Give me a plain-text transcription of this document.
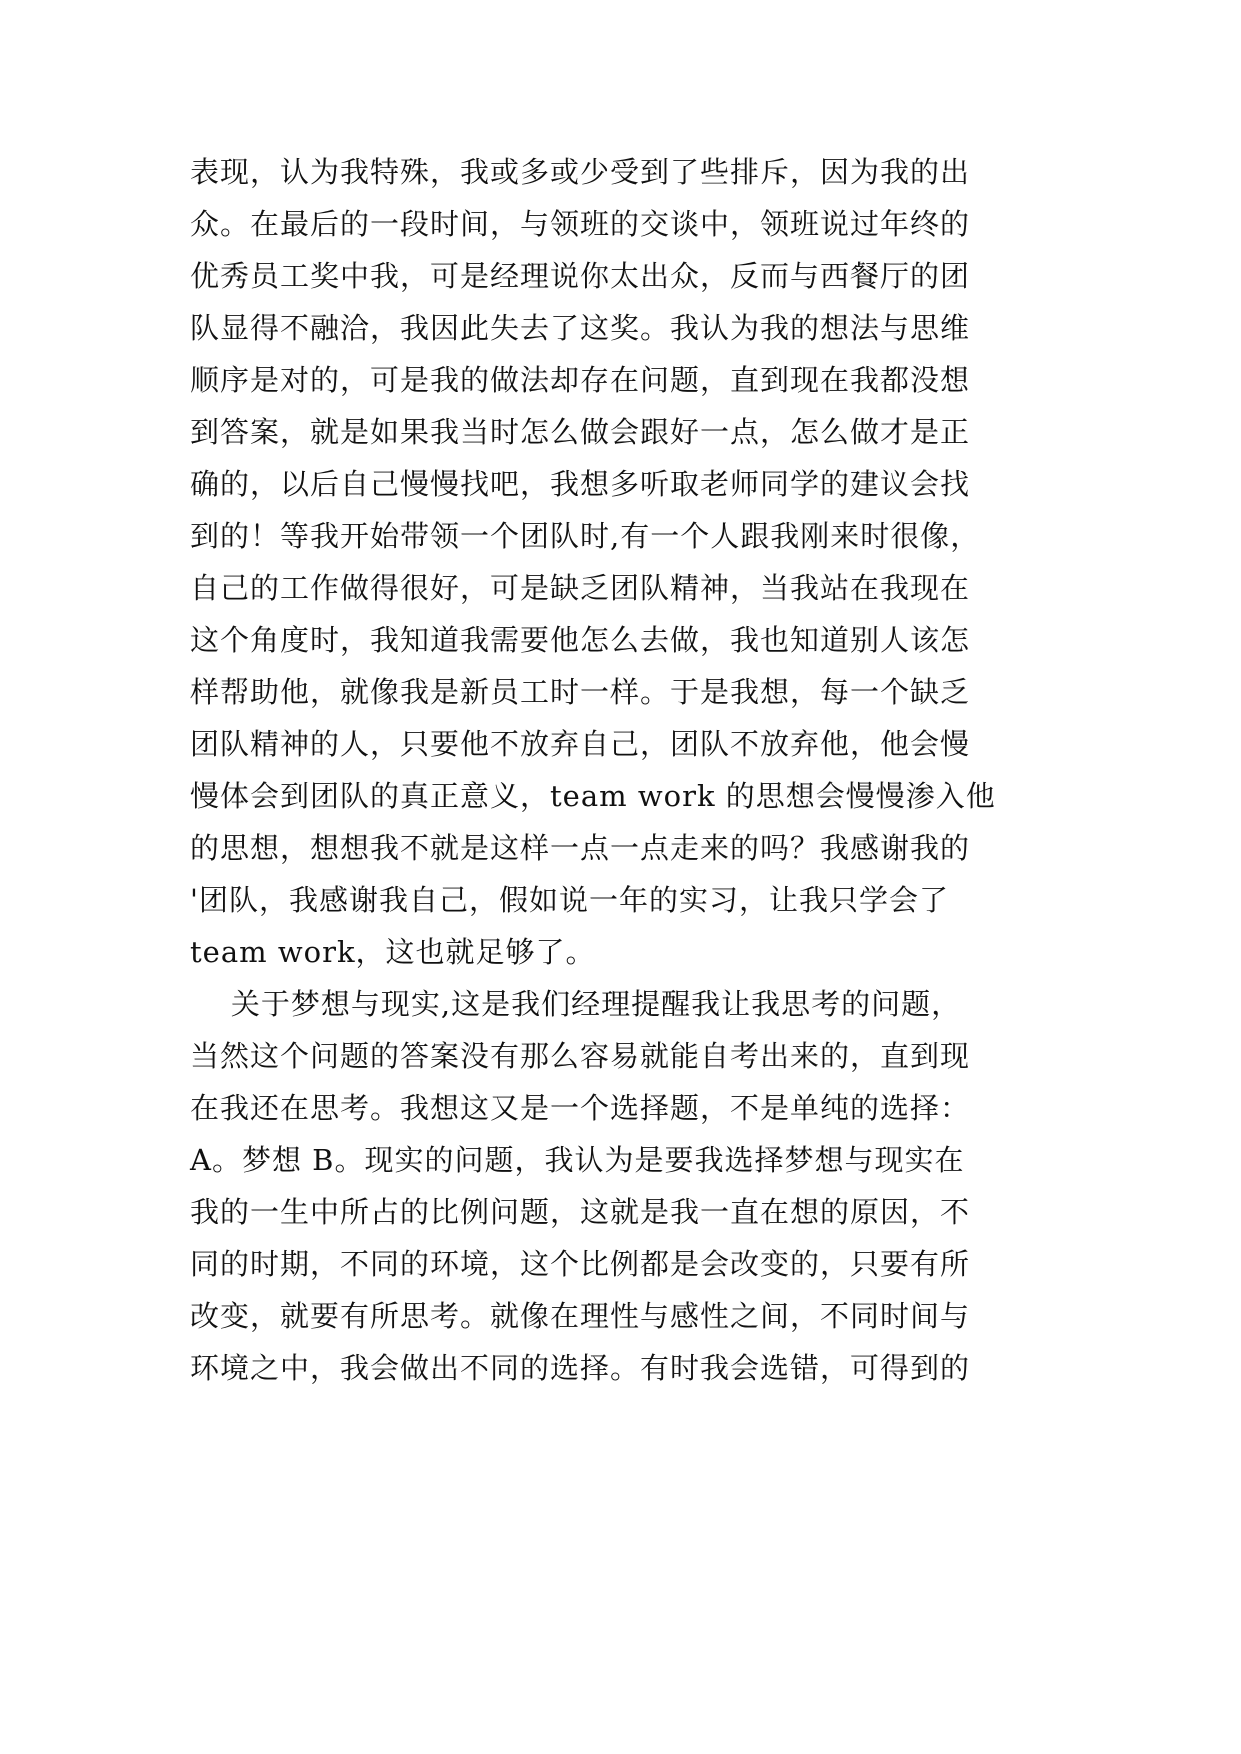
表现，认为我特殊，我或多或少受到了些排斥，因为我的出
众。在最后的一段时间，与领班的交谈中，领班说过年终的
优秀员工奖中我，可是经理说你太出众，反而与西餐厅的团
队显得不融洽，我因此失去了这奖。我认为我的想法与思维
顺序是对的，可是我的做法却存在问题，直到现在我都没想
到答案，就是如果我当时怎么做会跟好一点，怎么做才是正
确的，以后自己慢慢找吧，我想多听取老师同学的建议会找
到的！等我开始带领一个团队时,有一个人跟我刚来时很像，
自己的工作做得很好，可是缺乏团队精神，当我站在我现在
这个角度时，我知道我需要他怎么去做，我也知道别人该怎
样帮助他，就像我是新员工时一样。于是我想，每一个缺乏
团队精神的人，只要他不放弃自己，团队不放弃他，他会慢
慢体会到团队的真正意义，team work 的思想会慢慢渗入他
的思想，想想我不就是这样一点一点走来的吗？我感谢我的
'团队，我感谢我自己，假如说一年的实习，让我只学会了
team work，这也就足够了。
关于梦想与现实,这是我们经理提醒我让我思考的问题，
当然这个问题的答案没有那么容易就能自考出来的，直到现
在我还在思考。我想这又是一个选择题，不是单纯的选择：
A。梦想 B。现实的问题，我认为是要我选择梦想与现实在
我的一生中所占的比例问题，这就是我一直在想的原因，不
同的时期，不同的环境，这个比例都是会改变的，只要有所
改变，就要有所思考。就像在理性与感性之间，不同时间与
环境之中，我会做出不同的选择。有时我会选错，可得到的
